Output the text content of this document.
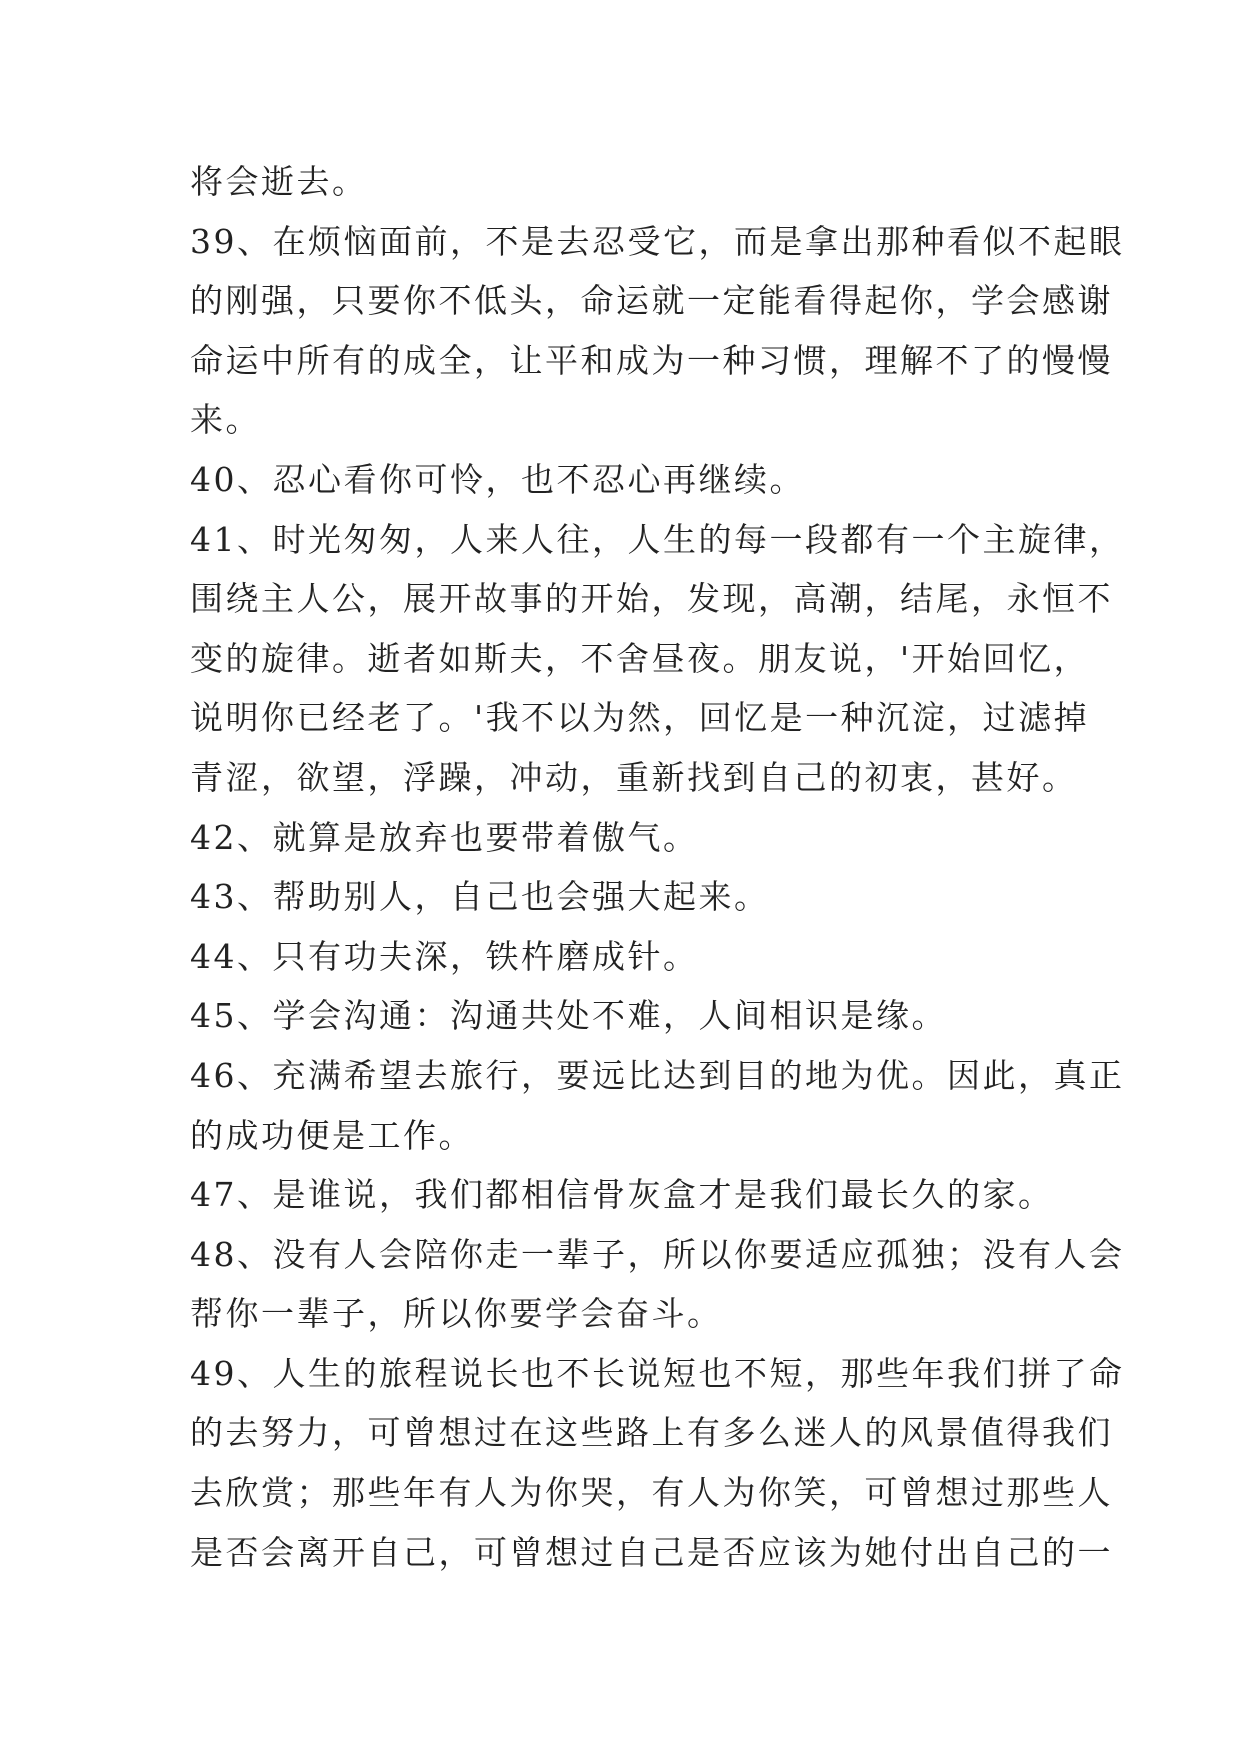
将会逝去。
39、在烦恼面前，不是去忍受它，而是拿出那种看似不起眼
的刚强，只要你不低头，命运就一定能看得起你，学会感谢
命运中所有的成全，让平和成为一种习惯，理解不了的慢慢
来。
40、忍心看你可怜，也不忍心再继续。
41、时光匆匆，人来人往，人生的每一段都有一个主旋律，
围绕主人公，展开故事的开始，发现，高潮，结尾，永恒不
变的旋律。逝者如斯夫，不舍昼夜。朋友说，'开始回忆，
说明你已经老了。'我不以为然，回忆是一种沉淀，过滤掉
青涩，欲望，浮躁，冲动，重新找到自己的初衷，甚好。
42、就算是放弃也要带着傲气。
43、帮助别人，自己也会强大起来。
44、只有功夫深，铁杵磨成针。
45、学会沟通：沟通共处不难，人间相识是缘。
46、充满希望去旅行，要远比达到目的地为优。因此，真正
的成功便是工作。
47、是谁说，我们都相信骨灰盒才是我们最长久的家。
48、没有人会陪你走一辈子，所以你要适应孤独；没有人会
帮你一辈子，所以你要学会奋斗。
49、人生的旅程说长也不长说短也不短，那些年我们拼了命
的去努力，可曾想过在这些路上有多么迷人的风景值得我们
去欣赏；那些年有人为你哭，有人为你笑，可曾想过那些人
是否会离开自己，可曾想过自己是否应该为她付出自己的一
